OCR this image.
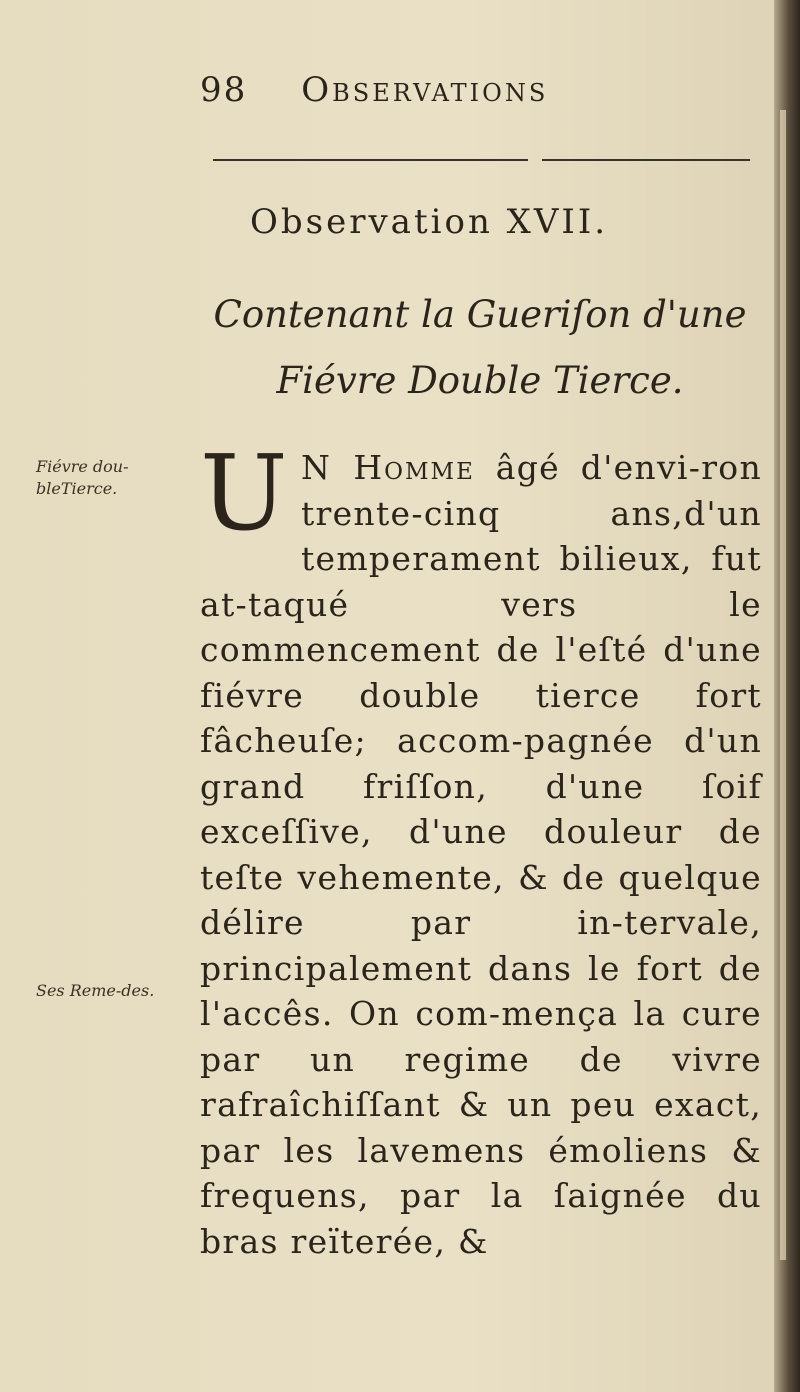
98 Observations
Observation XVII.
Contenant la Gueriſon d'une Fiévre Double Tierce.
Fiévre dou-bleTierce.
Ses Reme-des.
U N Homme âgé d'envi-ron trente-cinq ans,d'un temperament bilieux, fut at-taqué vers le commencement de l'eſté d'une fiévre double tierce fort fâcheuſe; accom-pagnée d'un grand friſſon, d'une ſoif exceſſive, d'une douleur de teſte vehemente, & de quelque délire par in-tervale, principalement dans le fort de l'accês. On com-mença la cure par un regime de vivre rafraîchiſſant & un peu exact, par les lavemens émoliens & frequens, par la ſaignée du bras reïterée, &
